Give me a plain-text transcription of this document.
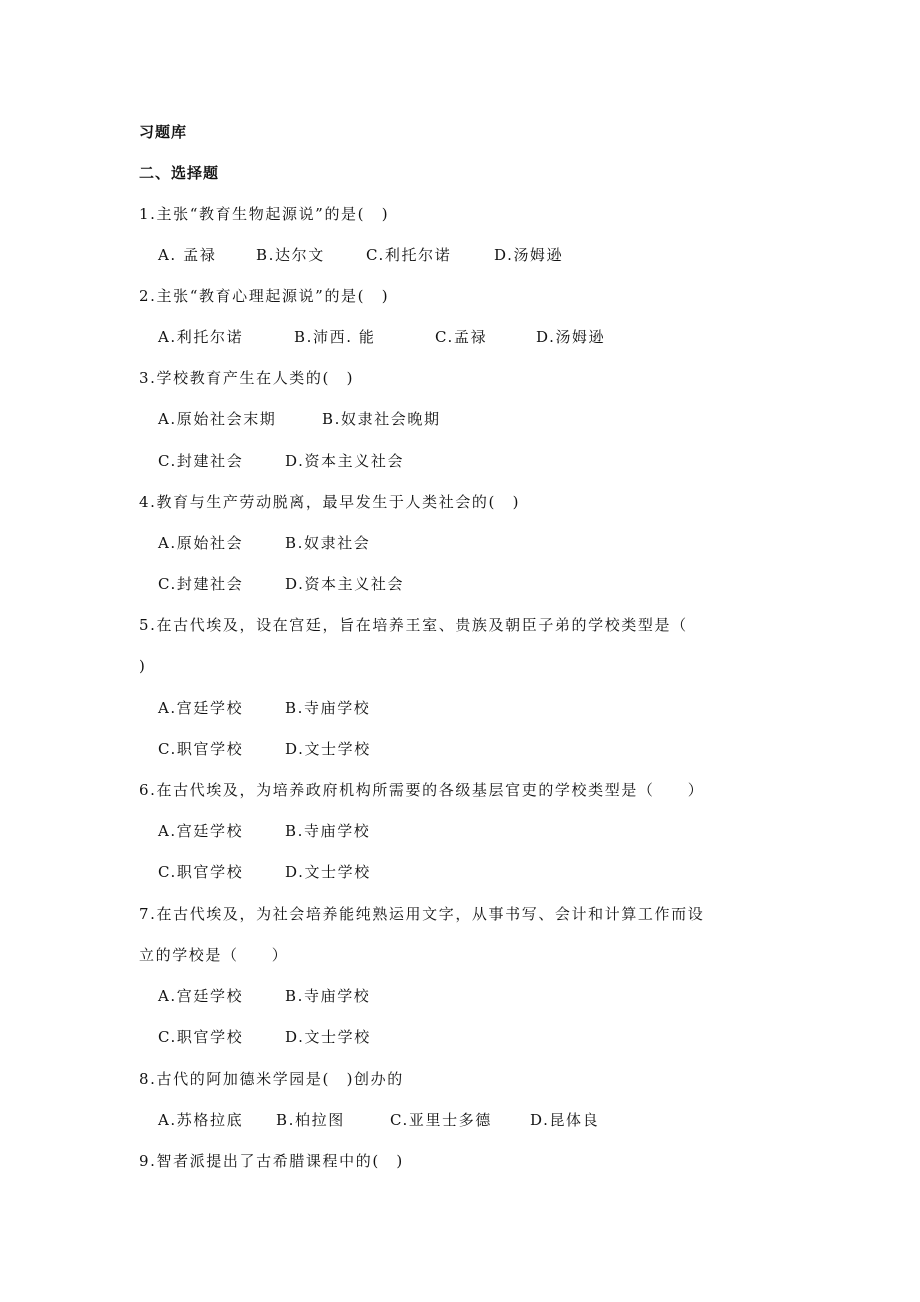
习题库
二、选择题
1.主张“教育生物起源说”的是(　)
A. 孟禄	B.达尔文	C.利托尔诺	D.汤姆逊
2.主张“教育心理起源说”的是(　)
A.利托尔诺	B.沛西. 能	C.孟禄	D.汤姆逊
3.学校教育产生在人类的(　)
A.原始社会末期	B.奴隶社会晚期
C.封建社会	D.资本主义社会
4.教育与生产劳动脱离，最早发生于人类社会的(　)
A.原始社会	B.奴隶社会
C.封建社会	D.资本主义社会
5.在古代埃及，设在宫廷，旨在培养王室、贵族及朝臣子弟的学校类型是（
)
A.宫廷学校	B.寺庙学校
C.职官学校	D.文士学校
6.在古代埃及，为培养政府机构所需要的各级基层官吏的学校类型是（　　）
A.宫廷学校	B.寺庙学校
C.职官学校	D.文士学校
7.在古代埃及，为社会培养能纯熟运用文字，从事书写、会计和计算工作而设
立的学校是（　　）
A.宫廷学校	B.寺庙学校
C.职官学校	D.文士学校
8.古代的阿加德米学园是(　)创办的
A.苏格拉底 B.柏拉图	C.亚里士多德	D.昆体良
9.智者派提出了古希腊课程中的(　)
